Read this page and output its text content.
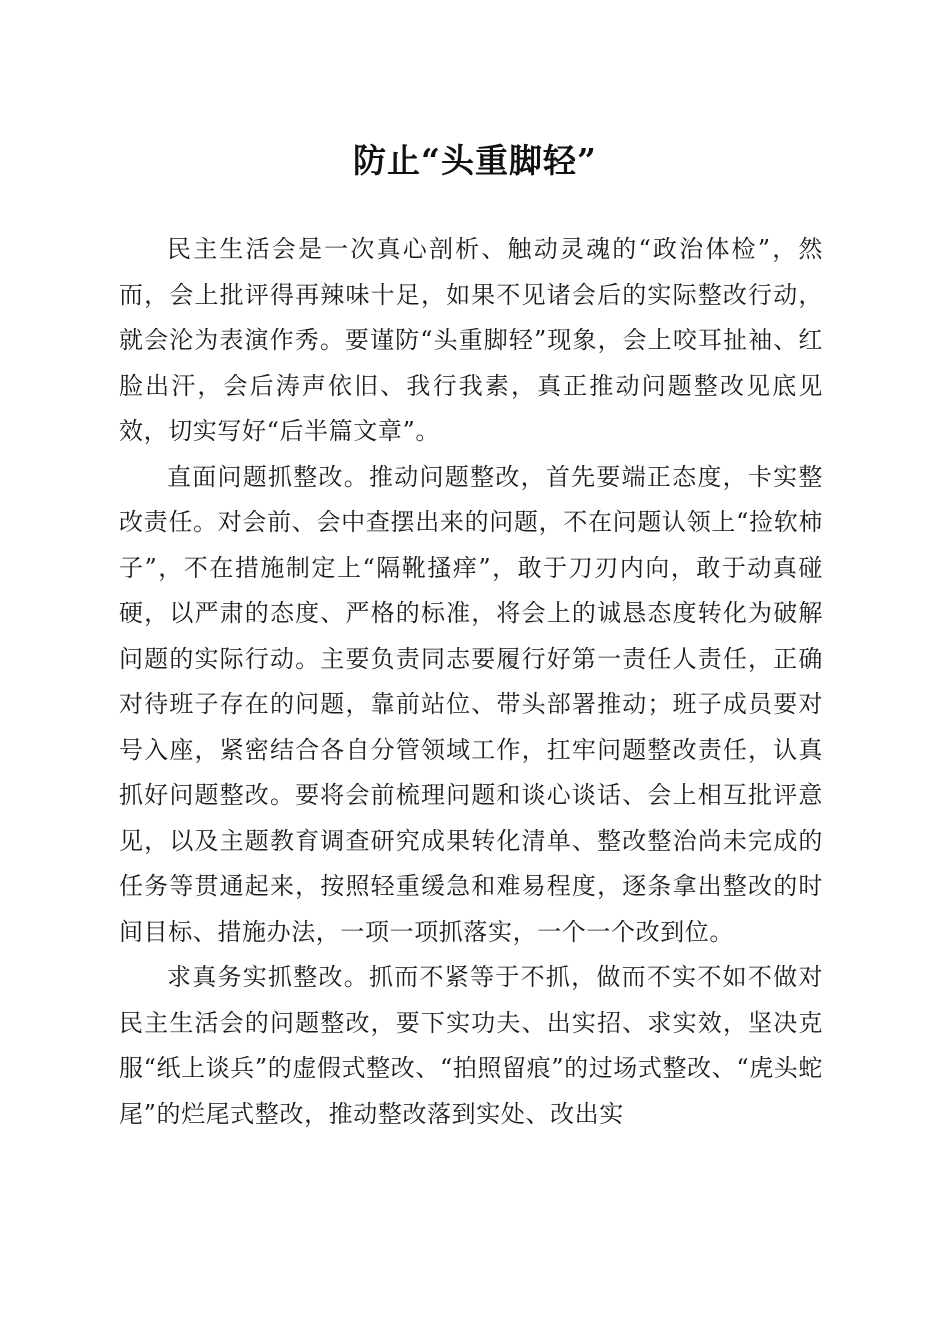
防止“头重脚轻”

民主生活会是一次真心剖析、触动灵魂的“政治体检”，然而，会上批评得再辣味十足，如果不见诸会后的实际整改行动，就会沦为表演作秀。要谨防“头重脚轻”现象，会上咬耳扯袖、红脸出汗，会后涛声依旧、我行我素，真正推动问题整改见底见效，切实写好“后半篇文章”。

直面问题抓整改。推动问题整改，首先要端正态度，卡实整改责任。对会前、会中查摆出来的问题，不在问题认领上“捡软柿子”，不在措施制定上“隔靴搔痒”，敢于刀刃内向，敢于动真碰硬，以严肃的态度、严格的标准，将会上的诚恳态度转化为破解问题的实际行动。主要负责同志要履行好第一责任人责任，正确对待班子存在的问题，靠前站位、带头部署推动；班子成员要对号入座，紧密结合各自分管领域工作，扛牢问题整改责任，认真抓好问题整改。要将会前梳理问题和谈心谈话、会上相互批评意见，以及主题教育调查研究成果转化清单、整改整治尚未完成的任务等贯通起来，按照轻重缓急和难易程度，逐条拿出整改的时间目标、措施办法，一项一项抓落实，一个一个改到位。

求真务实抓整改。抓而不紧等于不抓，做而不实不如不做对民主生活会的问题整改，要下实功夫、出实招、求实效，坚决克服“纸上谈兵”的虚假式整改、“拍照留痕”的过场式整改、“虎头蛇尾”的烂尾式整改，推动整改落到实处、改出实
